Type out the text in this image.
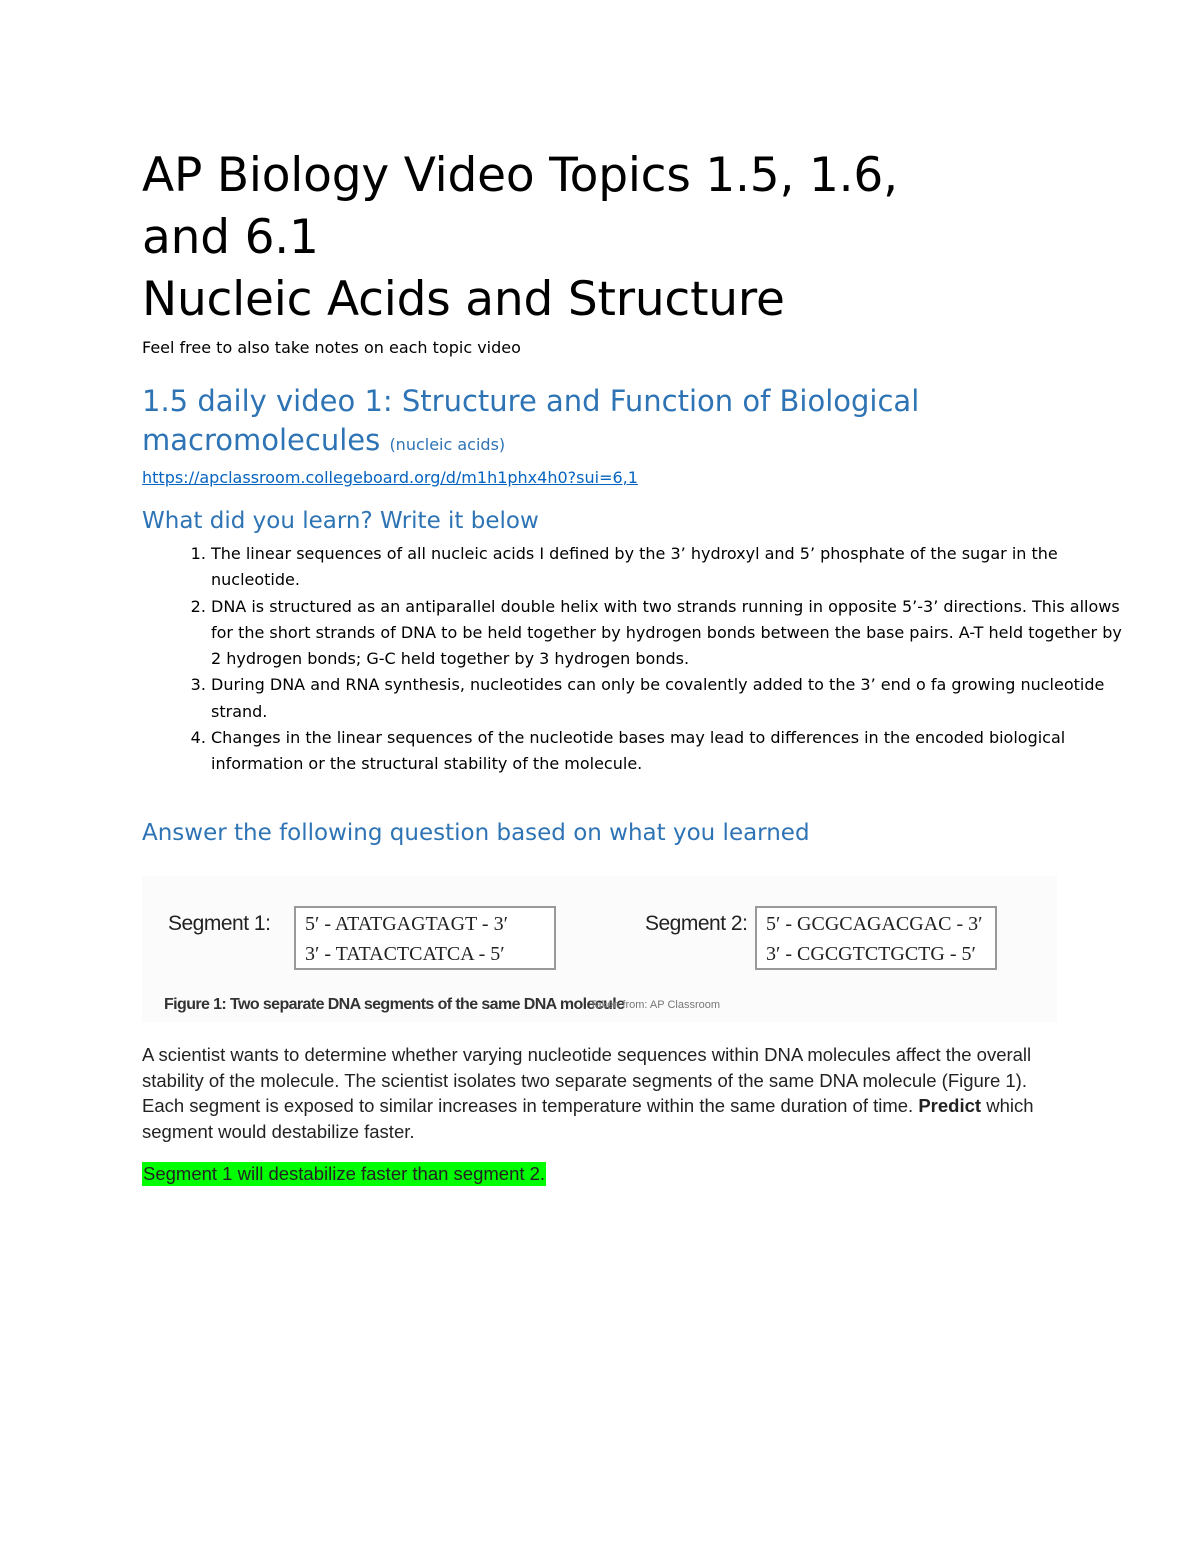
AP Biology Video Topics 1.5, 1.6,
and 6.1
Nucleic Acids and Structure
Feel free to also take notes on each topic video
1.5 daily video 1: Structure and Function of Biological macromolecules (nucleic acids)
https://apclassroom.collegeboard.org/d/m1h1phx4h0?sui=6,1
What did you learn? Write it below
1. The linear sequences of all nucleic acids I defined by the 3’ hydroxyl and 5’ phosphate of the sugar in the nucleotide.
2. DNA is structured as an antiparallel double helix with two strands running in opposite 5’-3’ directions. This allows for the short strands of DNA to be held together by hydrogen bonds between the base pairs. A-T held together by 2 hydrogen bonds; G-C held together by 3 hydrogen bonds.
3. During DNA and RNA synthesis, nucleotides can only be covalently added to the 3’ end o fa growing nucleotide strand.
4. Changes in the linear sequences of the nucleotide bases may lead to differences in the encoded biological information or the structural stability of the molecule.
Answer the following question based on what you learned
Segment 1: 5′ - ATATGAGTAGT - 3′
3′ - TATACTCATCA - 5′
Segment 2: 5′ - GCGCAGACGAC - 3′
3′ - CGCGTCTGCTG - 5′
Figure 1: Two separate DNA segments of the same DNA molecule
Taken from: AP Classroom
A scientist wants to determine whether varying nucleotide sequences within DNA molecules affect the overall stability of the molecule. The scientist isolates two separate segments of the same DNA molecule (Figure 1). Each segment is exposed to similar increases in temperature within the same duration of time. Predict which segment would destabilize faster.
Segment 1 will destabilize faster than segment 2.
